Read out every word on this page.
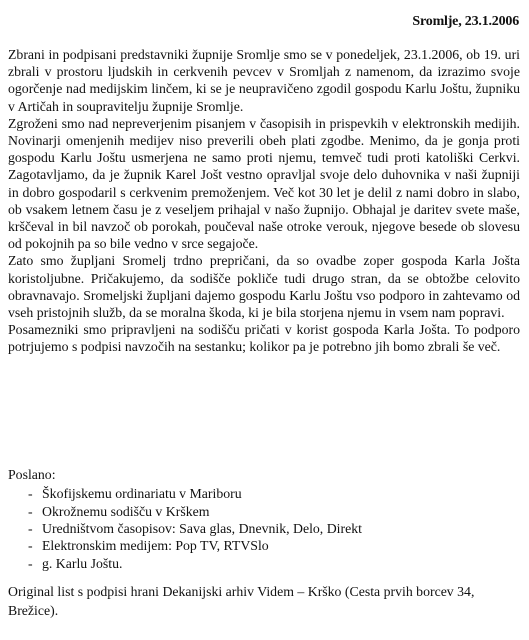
Sromlje, 23.1.2006

Zbrani in podpisani predstavniki župnije Sromlje smo se v ponedeljek, 23.1.2006, ob 19. uri zbrali v prostoru ljudskih in cerkvenih pevcev v Sromljah z namenom, da izrazimo svoje ogorčenje nad medijskim linčem, ki se je neupravičeno zgodil gospodu Karlu Joštu, župniku v Artičah in soupravitelju župnije Sromlje.

Zgroženi smo nad nepreverjenim pisanjem v časopisih in prispevkih v elektronskih medijih. Novinarji omenjenih medijev niso preverili obeh plati zgodbe. Menimo, da je gonja proti gospodu Karlu Joštu usmerjena ne samo proti njemu, temveč tudi proti katoliški Cerkvi. Zagotavljamo, da je župnik Karel Jošt vestno opravljal svoje delo duhovnika v naši župniji in dobro gospodaril s cerkvenim premoženjem. Več kot 30 let je delil z nami dobro in slabo, ob vsakem letnem času je z veseljem prihajal v našo župnijo. Obhajal je daritev svete maše, krščeval in bil navzoč ob porokah, poučeval naše otroke verouk, njegove besede ob slovesu od pokojnih pa so bile vedno v srce segajoče.

Zato smo župljani Sromelj trdno prepričani, da so ovadbe zoper gospoda Karla Jošta koristoljubne. Pričakujemo, da sodišče pokliče tudi drugo stran, da se obtožbe celovito obravnavajo. Sromeljski župljani dajemo gospodu Karlu Joštu vso podporo in zahtevamo od vseh pristojnih služb, da se moralna škoda, ki je bila storjena njemu in vsem nam popravi.

Posamezniki smo pripravljeni na sodišču pričati v korist gospoda Karla Jošta. To podporo potrjujemo s podpisi navzočih na sestanku; kolikor pa je potrebno jih bomo zbrali še več.

Poslano:
- Škofijskemu ordinariatu v Mariboru
- Okrožnemu sodišču v Krškem
- Uredništvom časopisov: Sava glas, Dnevnik, Delo, Direkt
- Elektronskim medijem: Pop TV, RTVSlo
- g. Karlu Joštu.
Original list s podpisi hrani Dekanijski arhiv Videm – Krško (Cesta prvih borcev 34, Brežice).
